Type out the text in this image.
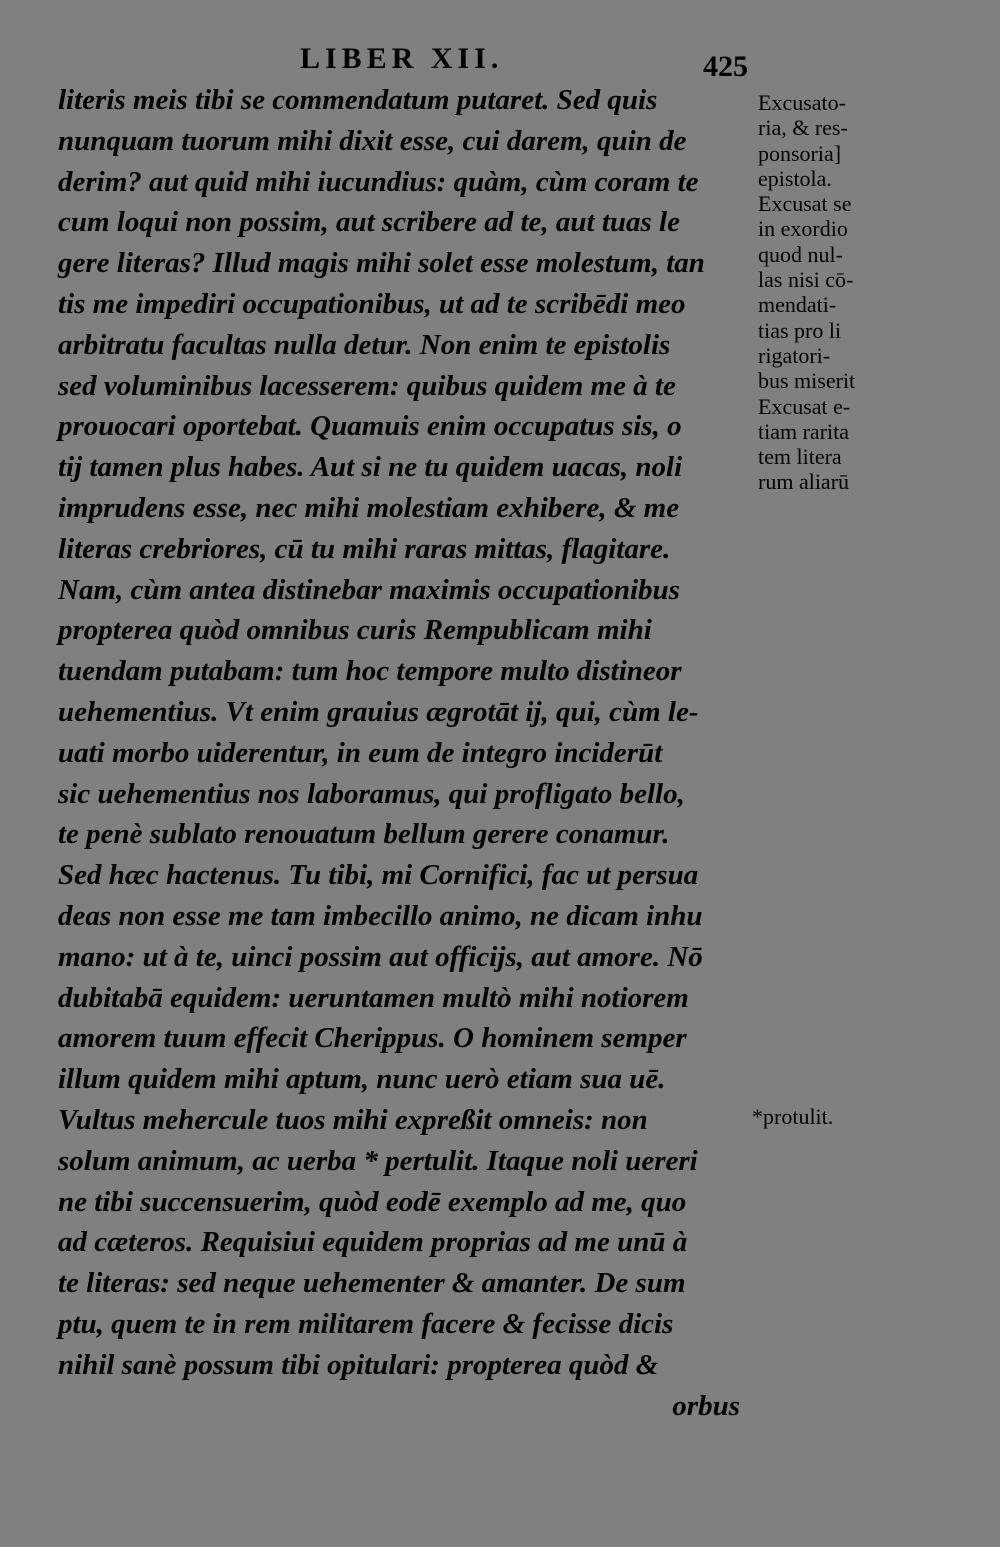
LIBER XII.	425
literis meis tibi se commendatum putaret. Sed quis
nunquam tuorum mihi dixit esse, cui darem, quin de
derim? aut quid mihi iucundius: quàm, cùm coram te
cum loqui non possim, aut scribere ad te, aut tuas le
gere literas? Illud magis mihi solet esse molestum, tan
tis me impediri occupationibus, ut ad te scribēdi meo
arbitratu facultas nulla detur. Non enim te epistolis
sed voluminibus lacesserem: quibus quidem me à te
prouocari oportebat. Quamuis enim occupatus sis, o
tij tamen plus habes. Aut si ne tu quidem uacas, noli
imprudens esse, nec mihi molestiam exhibere, & me
literas crebriores, cū tu mihi raras mittas, flagitare.
Nam, cùm antea distinebar maximis occupationibus
propterea quòd omnibus curis Rempublicam mihi
tuendam putabam: tum hoc tempore multo distineor
uehementius. Vt enim grauius ægrotāt ij, qui, cùm le-
uati morbo uiderentur, in eum de integro inciderūt
sic uehementius nos laboramus, qui profligato bello,
te penè sublato renouatum bellum gerere conamur.
Sed hæc hactenus. Tu tibi, mi Cornifici, fac ut persua
deas non esse me tam imbecillo animo, ne dicam inhu
mano: ut à te, uinci possim aut officijs, aut amore. Nō
dubitabā equidem: ueruntamen multò mihi notiorem
amorem tuum effecit Cherippus. O hominem semper
illum quidem mihi aptum, nunc uerò etiam sua uē.
Vultus mehercule tuos mihi expreßit omneis: non
solum animum, ac uerba * pertulit. Itaque noli uereri
ne tibi succensuerim, quòd eodē exemplo ad me, quo
ad cæteros. Requisiui equidem proprias ad me unū à
te literas: sed neque uehementer & amanter. De sum
ptu, quem te in rem militarem facere & fecisse dicis
nihil sanè possum tibi opitulari: propterea quòd &
orbus
Excusato-
ria, & res-
ponsoria]
epistola.
Excusat se
in exordio
quod nul-
las nisi cō-
mendati-
tias pro li
rigatori-
bus miserit
Excusat e-
tiam rarita
tem litera
rum aliarū
*protulit.
